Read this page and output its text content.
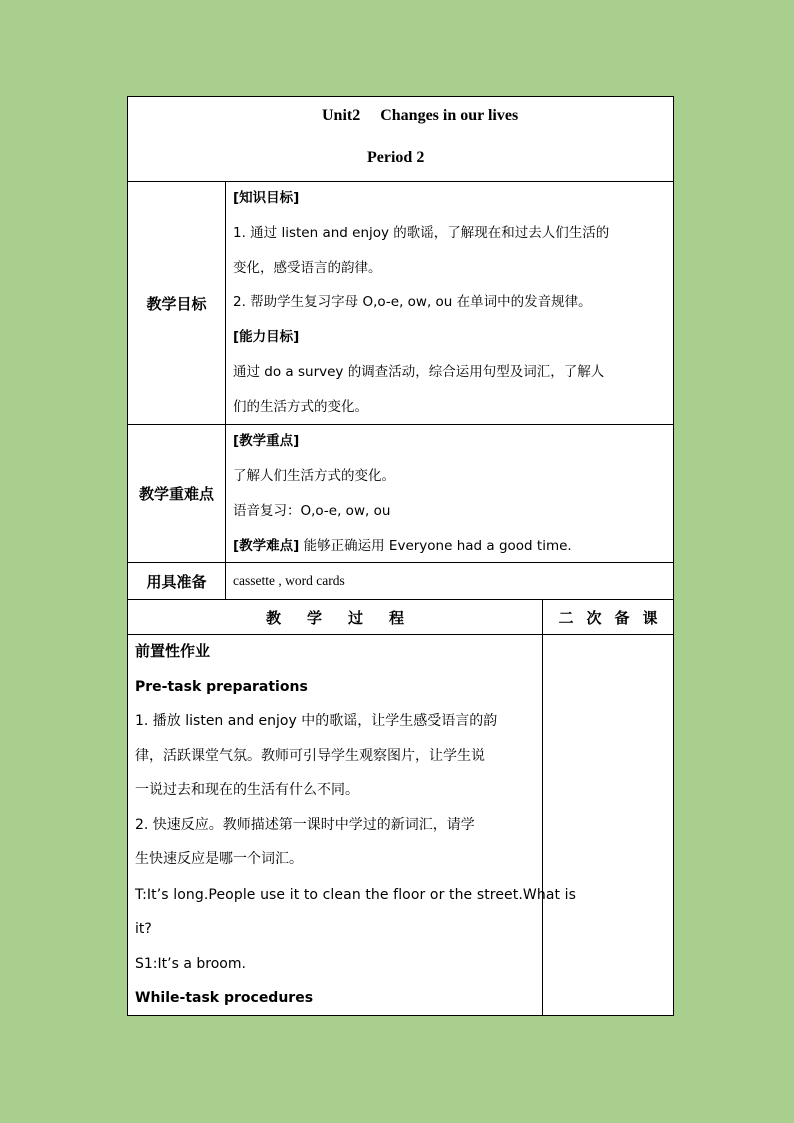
Unit2     Changes in our lives
Period 2
教学目标
[知识目标]
1. 通过 listen and enjoy 的歌谣，了解现在和过去人们生活的
变化，感受语言的韵律。
2. 帮助学生复习字母 O,o-e, ow, ou 在单词中的发音规律。
[能力目标]
通过 do a survey 的调查活动，综合运用句型及词汇，了解人
们的生活方式的变化。
教学重难点
[教学重点]
了解人们生活方式的变化。
语音复习：O,o-e, ow, ou
[教学难点] 能够正确运用 Everyone had a good time.
用具准备	cassette , word cards
教学过程	二次备课
前置性作业
Pre-task preparations
1. 播放 listen and enjoy 中的歌谣，让学生感受语言的韵
律，活跃课堂气氛。教师可引导学生观察图片，让学生说
一说过去和现在的生活有什么不同。
2. 快速反应。教师描述第一课时中学过的新词汇，请学
生快速反应是哪一个词汇。
T:It’s long.People use it to clean the floor or the street.What is
it?
S1:It’s a broom.
While-task procedures
